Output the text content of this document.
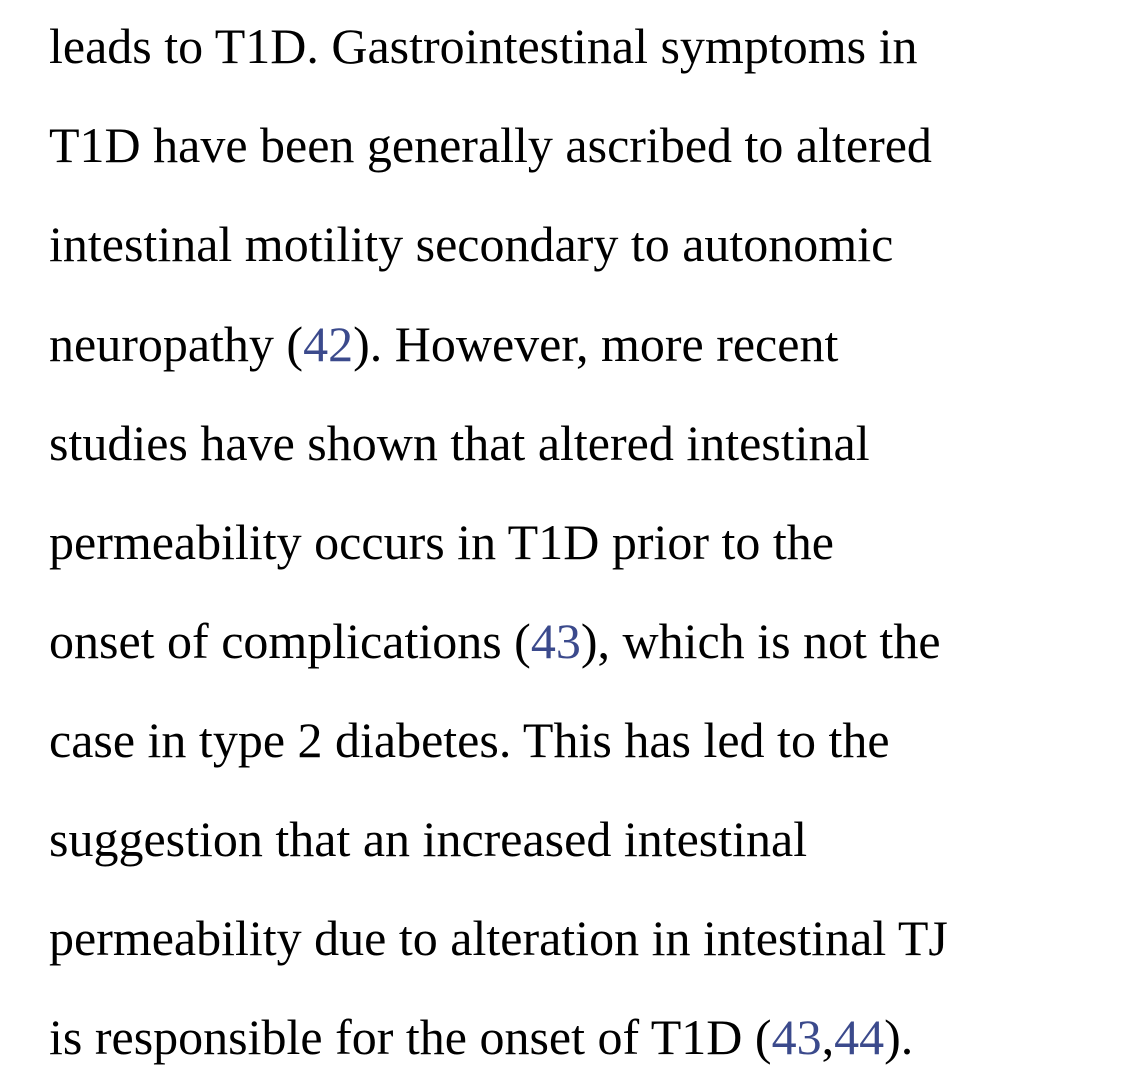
leads to T1D. Gastrointestinal symptoms in
T1D have been generally ascribed to altered
intestinal motility secondary to autonomic
neuropathy (42). However, more recent
studies have shown that altered intestinal
permeability occurs in T1D prior to the
onset of complications (43), which is not the
case in type 2 diabetes. This has led to the
suggestion that an increased intestinal
permeability due to alteration in intestinal TJ
is responsible for the onset of T1D (43,44).
